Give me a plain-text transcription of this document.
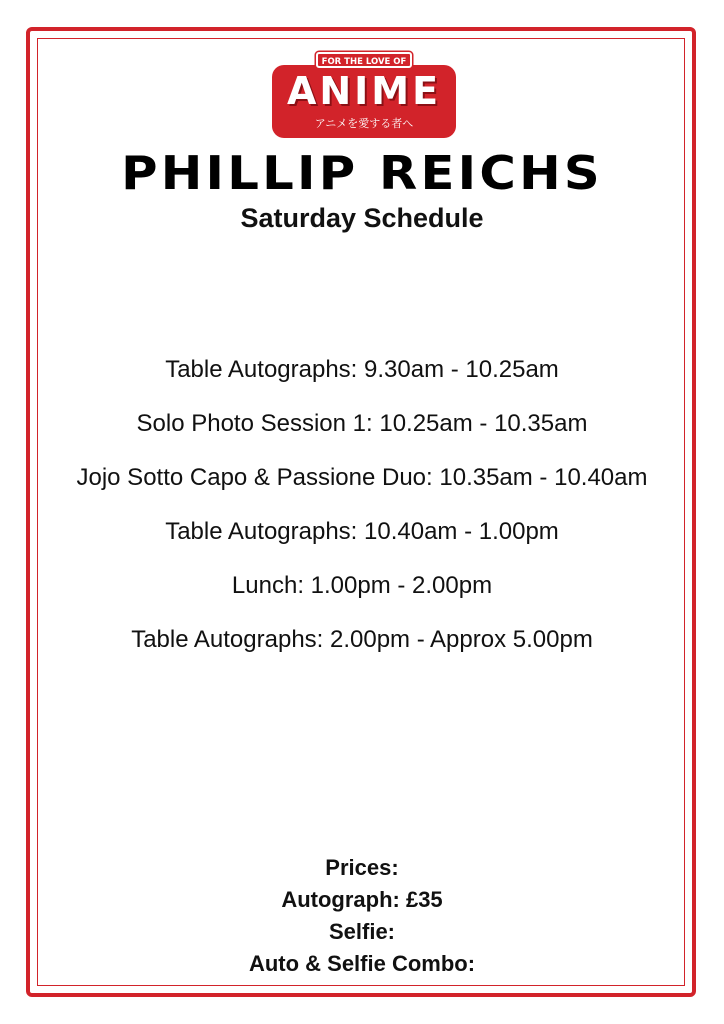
ANIME
アニメを愛する者へ
FOR THE LOVE OF
PHILLIP REICHS
Saturday Schedule
Table Autographs: 9.30am - 10.25am
Solo Photo Session 1: 10.25am - 10.35am
Jojo Sotto Capo & Passione Duo: 10.35am - 10.40am
Table Autographs: 10.40am - 1.00pm
Lunch: 1.00pm - 2.00pm
Table Autographs: 2.00pm - Approx 5.00pm
Prices:
Autograph: £35
Selfie:
Auto & Selfie Combo:
